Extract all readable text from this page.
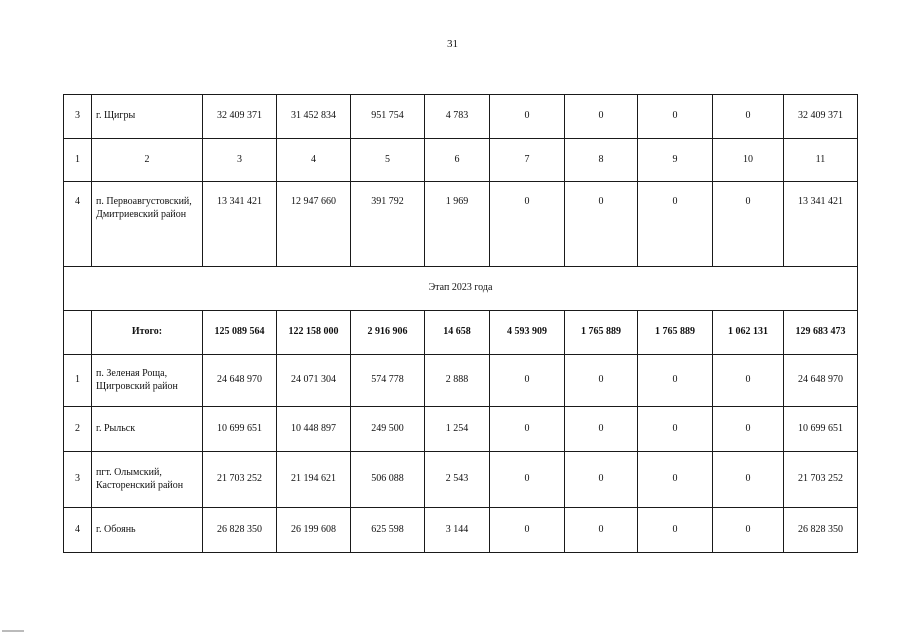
31
3	г. Щигры	32 409 371	31 452 834	951 754	4 783	0	0	0	0	32 409 371
1	2	3	4	5	6	7	8	9	10	11
4	п. Первоавгустовский, Дмитриевский район	13 341 421	12 947 660	391 792	1 969	0	0	0	0	13 341 421
Этап 2023 года										
	Итого:	125 089 564	122 158 000	2 916 906	14 658	4 593 909	1 765 889	1 765 889	1 062 131	129 683 473
1	п. Зеленая Роща, Щигровский район	24 648 970	24 071 304	574 778	2 888	0	0	0	0	24 648 970
2	г. Рыльск	10 699 651	10 448 897	249 500	1 254	0	0	0	0	10 699 651
3	пгт. Олымский, Касторенский район	21 703 252	21 194 621	506 088	2 543	0	0	0	0	21 703 252
4	г. Обоянь	26 828 350	26 199 608	625 598	3 144	0	0	0	0	26 828 350
